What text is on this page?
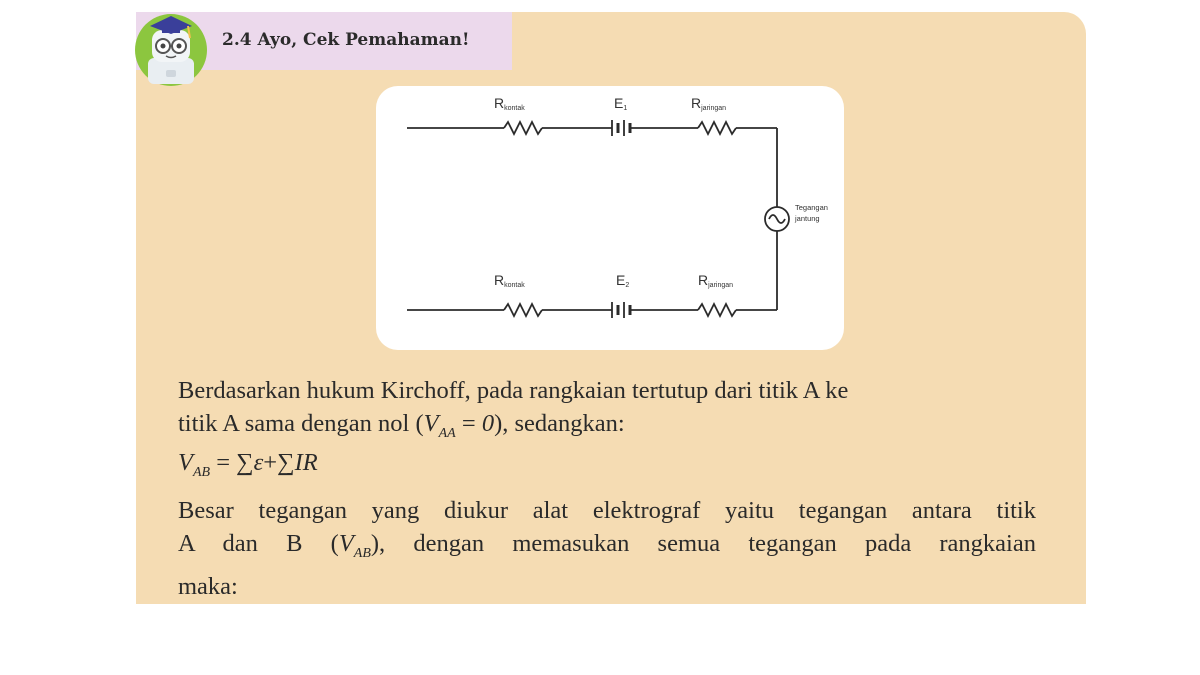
2.4 Ayo, Cek Pemahaman!
Rkontak	E1	Rjaringan
Rkontak	E2	Rjaringan
Tegangan
jantung
Berdasarkan hukum Kirchoff, pada rangkaian tertutup dari titik A ke
titik A sama dengan nol $(V_{AA} = 0)$, sedangkan:
$V_{AB} = \sum\varepsilon+\sum IR$
Besar tegangan yang diukur alat elektrograf yaitu tegangan antara titik
A dan B $(V_{AB})$, dengan memasukan semua tegangan pada rangkaian
maka:
